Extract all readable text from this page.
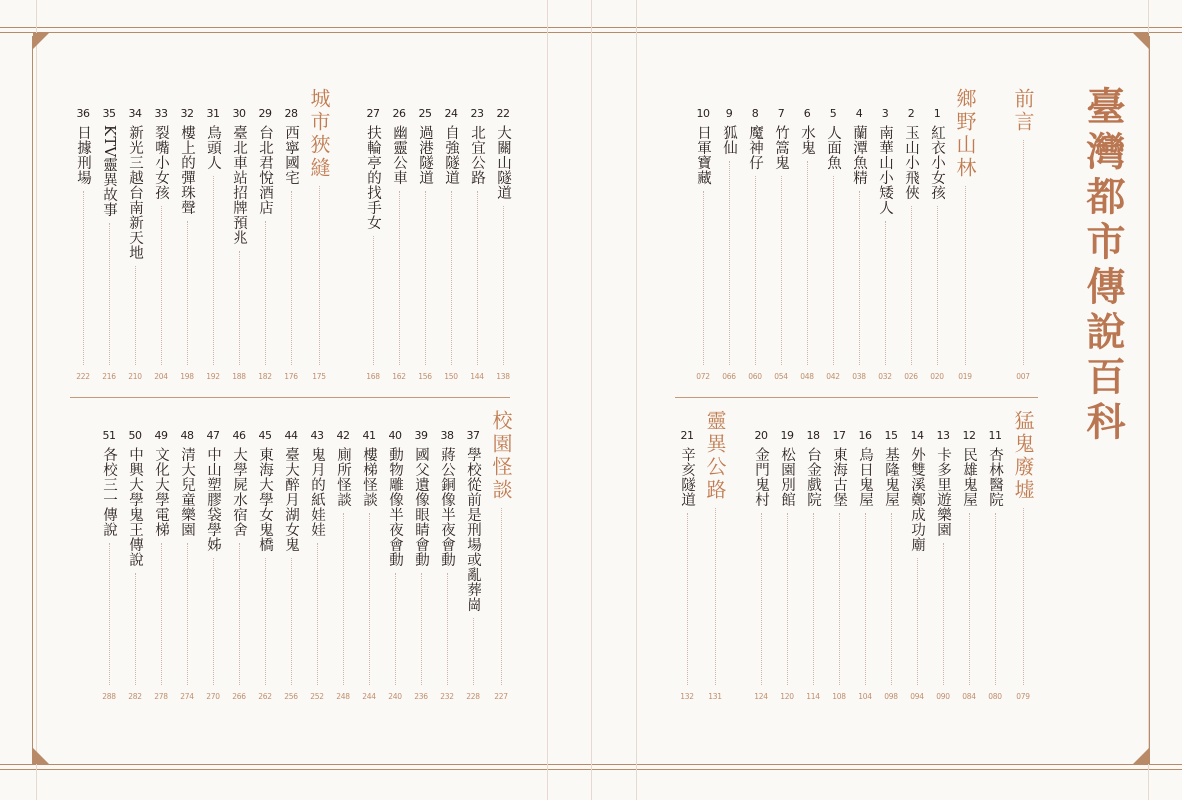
臺灣都市傳說百科
前言
007
鄉野山林
019
1
紅衣小女孩
020
2
玉山小飛俠
026
3
南華山小矮人
032
4
蘭潭魚精
038
5
人面魚
042
6
水鬼
048
7
竹篙鬼
054
8
魔神仔
060
9
狐仙
066
10
日軍寶藏
072
猛鬼廢墟
079
11
杏林醫院
080
12
民雄鬼屋
084
13
卡多里遊樂園
090
14
外雙溪鄭成功廟
094
15
基隆鬼屋
098
16
烏日鬼屋
104
17
東海古堡
108
18
台金戲院
114
19
松園別館
120
20
金門鬼村
124
靈異公路
131
21
辛亥隧道
132
22
大關山隧道
138
23
北宜公路
144
24
自強隧道
150
25
過港隧道
156
26
幽靈公車
162
27
扶輪亭的找手女
168
城市狹縫
175
28
西寧國宅
176
29
台北君悅酒店
182
30
臺北車站招牌預兆
188
31
鳥頭人
192
32
樓上的彈珠聲
198
33
裂嘴小女孩
204
34
新光三越台南新天地
210
35
KTV靈異故事
216
36
日據刑場
222
校園怪談
227
37
學校從前是刑場或亂葬崗
228
38
蔣公銅像半夜會動
232
39
國父遺像眼睛會動
236
40
動物雕像半夜會動
240
41
樓梯怪談
244
42
廁所怪談
248
43
鬼月的紙娃娃
252
44
臺大醉月湖女鬼
256
45
東海大學女鬼橋
262
46
大學屍水宿舍
266
47
中山塑膠袋學姊
270
48
清大兒童樂園
274
49
文化大學電梯
278
50
中興大學鬼王傳說
282
51
各校三一傳說
288
